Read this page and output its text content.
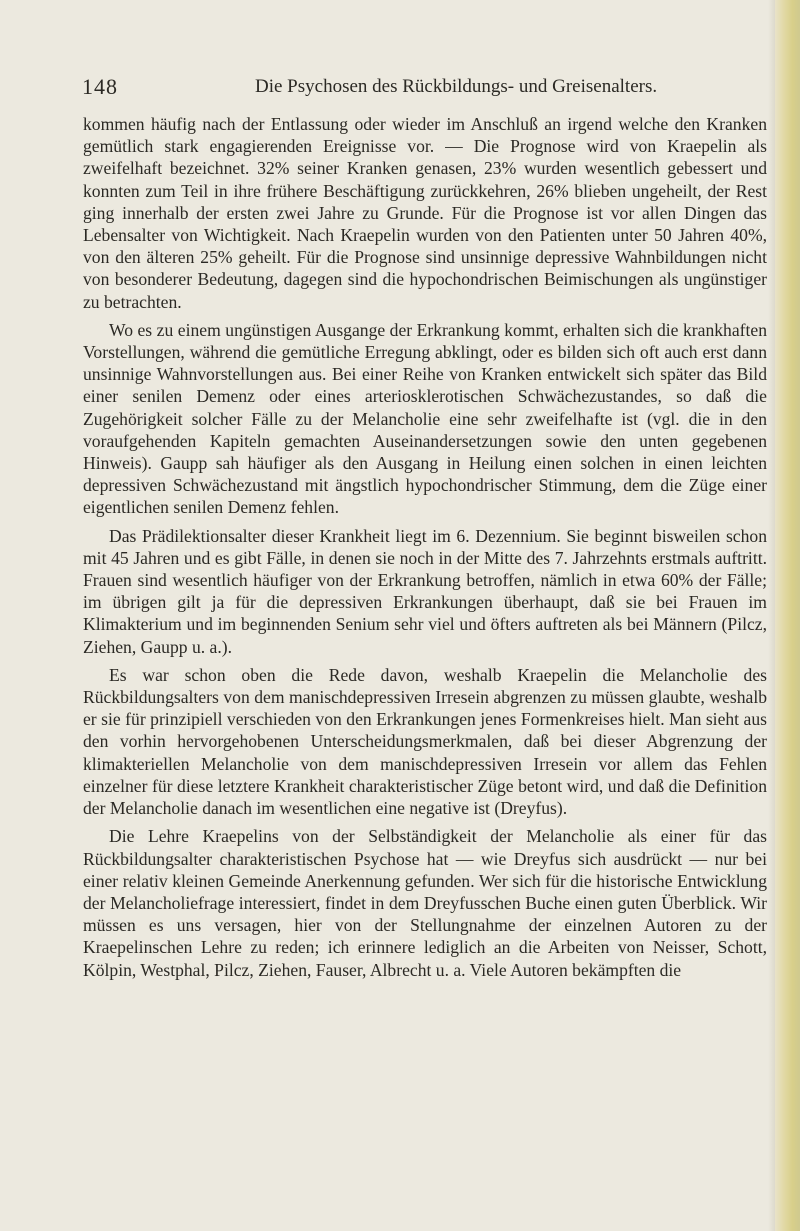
148	Die Psychosen des Rückbildungs- und Greisenalters.

kommen häufig nach der Entlassung oder wieder im Anschluß an irgend welche den Kranken gemütlich stark engagierenden Ereignisse vor. — Die Prognose wird von Kraepelin als zweifelhaft bezeichnet. 32% seiner Kranken genasen, 23% wurden wesentlich gebessert und konnten zum Teil in ihre frühere Beschäftigung zurückkehren, 26% blieben ungeheilt, der Rest ging innerhalb der ersten zwei Jahre zu Grunde. Für die Prognose ist vor allen Dingen das Lebensalter von Wichtigkeit. Nach Kraepelin wurden von den Patienten unter 50 Jahren 40%, von den älteren 25% geheilt. Für die Prognose sind unsinnige depressive Wahnbildungen nicht von besonderer Bedeutung, dagegen sind die hypochondrischen Beimischungen als ungünstiger zu betrachten.

Wo es zu einem ungünstigen Ausgange der Erkrankung kommt, erhalten sich die krankhaften Vorstellungen, während die gemütliche Erregung abklingt, oder es bilden sich oft auch erst dann unsinnige Wahnvorstellungen aus. Bei einer Reihe von Kranken entwickelt sich später das Bild einer senilen Demenz oder eines arteriosklerotischen Schwächezustandes, so daß die Zugehörigkeit solcher Fälle zu der Melancholie eine sehr zweifelhafte ist (vgl. die in den voraufgehenden Kapiteln gemachten Auseinandersetzungen sowie den unten gegebenen Hinweis). Gaupp sah häufiger als den Ausgang in Heilung einen solchen in einen leichten depressiven Schwächezustand mit ängstlich hypochondrischer Stimmung, dem die Züge einer eigentlichen senilen Demenz fehlen.

Das Prädilektionsalter dieser Krankheit liegt im 6. Dezennium. Sie beginnt bisweilen schon mit 45 Jahren und es gibt Fälle, in denen sie noch in der Mitte des 7. Jahrzehnts erstmals auftritt. Frauen sind wesentlich häufiger von der Erkrankung betroffen, nämlich in etwa 60% der Fälle; im übrigen gilt ja für die depressiven Erkrankungen überhaupt, daß sie bei Frauen im Klimakterium und im beginnenden Senium sehr viel und öfters auftreten als bei Männern (Pilcz, Ziehen, Gaupp u. a.).

Es war schon oben die Rede davon, weshalb Kraepelin die Melancholie des Rückbildungsalters von dem manischdepressiven Irresein abgrenzen zu müssen glaubte, weshalb er sie für prinzipiell verschieden von den Erkrankungen jenes Formenkreises hielt. Man sieht aus den vorhin hervorgehobenen Unterscheidungsmerkmalen, daß bei dieser Abgrenzung der klimakteriellen Melancholie von dem manischdepressiven Irresein vor allem das Fehlen einzelner für diese letztere Krankheit charakteristischer Züge betont wird, und daß die Definition der Melancholie danach im wesentlichen eine negative ist (Dreyfus).

Die Lehre Kraepelins von der Selbständigkeit der Melancholie als einer für das Rückbildungsalter charakteristischen Psychose hat — wie Dreyfus sich ausdrückt — nur bei einer relativ kleinen Gemeinde Anerkennung gefunden. Wer sich für die historische Entwicklung der Melancholiefrage interessiert, findet in dem Dreyfusschen Buche einen guten Überblick. Wir müssen es uns versagen, hier von der Stellungnahme der einzelnen Autoren zu der Kraepelinschen Lehre zu reden; ich erinnere lediglich an die Arbeiten von Neisser, Schott, Kölpin, Westphal, Pilcz, Ziehen, Fauser, Albrecht u. a. Viele Autoren bekämpften die
